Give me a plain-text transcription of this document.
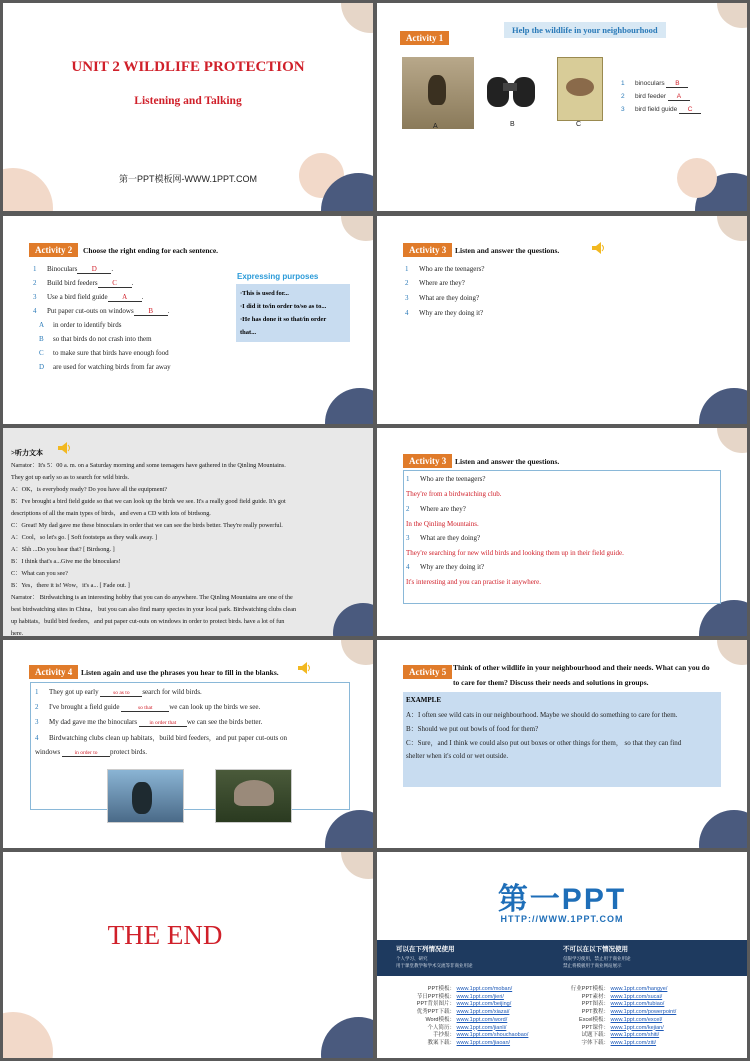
UNIT 2 WILDLIFE PROTECTION
Listening and Talking
第一PPT模板网-WWW.1PPT.COM
Activity 1
Help the wildlife in your neighbourhood
A	B	C
1 binoculars B
2 bird feeder A
3 bird field guide C
Activity 2	Choose the right ending for each sentence.
1 Binoculars D .
2 Build bird feeders C .
3 Use a bird field guide A .
4 Put paper cut-outs on windows B .
A in order to identify birds
B so that birds do not crash into them
C to make sure that birds have enough food
D are used for watching birds from far away
Expressing purposes
·This is used for...
·I did it to/in order to/so as to...
·He has done it so that/in order
that...
Activity 3	Listen and answer the questions.
1 Who are the teenagers?
2 Where are they?
3 What are they doing?
4 Why are they doing it?
>听力文本
Narrator：It's 5：00 a. m. on a Saturday morning and some teenagers have gathered in the Qinling Mountains.
They got up early so as to search for wild birds.
A：OK，is everybody ready? Do you have all the equipment?
B：I've brought a bird field guide so that we can look up the birds we see. It's a really good field guide. It's got
descriptions of all the main types of birds，and even a CD with lots of birdsong.
C：Great! My dad gave me these binoculars in order that we can see the birds better. They're really powerful.
A：Cool，so let's go. [ Soft footsteps as they walk away. ]
A：Shh ...Do you hear that? [ Birdsong. ]
B：I think that's a...Give me the binoculars!
C：What can you see?
B：Yes，there it is! Wow，it's a... [ Fade out. ]
Narrator： Birdwatching is an interesting hobby that you can do anywhere. The Qinling Mountains are one of the
best birdwatching sites in China， but you can also find many species in your local park. Birdwatching clubs clean
up habitats，build bird feeders，and put paper cut-outs on windows in order to protect birds. have a lot of fun
here.
Activity 3	Listen and answer the questions.
1 Who are the teenagers?
They're from a birdwatching club.
2 Where are they?
In the Qinling Mountains.
3 What are they doing?
They're searching for new wild birds and looking them up in their field guide.
4 Why are they doing it?
It's interesting and you can practise it anywhere.
Activity 4	Listen again and use the phrases you hear to fill in the blanks.
1 They got up early	so as to search for wild birds.
2 I've brought a field guide	so that we can look up the birds we see.
3 My dad gave me the binoculars in order that we can see the birds better.
4 Birdwatching clubs clean up habitats，build bird feeders，and put paper cut-outs on
windows	in order to protect birds.
Activity 5 Think of other wildlife in your neighbourhood and their needs. What can you do
to care for them? Discuss their needs and solutions in groups.
EXAMPLE
A：I often see wild cats in our neighbourhood. Maybe we should do something to care for them.
B：Should we put out bowls of food for them?
C：Sure，and I think we could also put out boxes or other things for them， so that they can find
shelter when it's cold or wet outside.
THE END
第一PPT
HTTP://WWW.1PPT.COM
可以在下列情况使用
个人学习、研究
用于课堂教学和学术交流等非商业用途
不可以在以下情况使用
仅限学习使用，禁止用于商业用途
禁止将模板用于商业网站展示
PPT模板： www.1ppt.com/moban/
节日PPT模板： www.1ppt.com/jieri/
PPT背景图片： www.1ppt.com/beijing/
优秀PPT下载： www.1ppt.com/xiazai/
Word模板： www.1ppt.com/word/
个人简历： www.1ppt.com/jianli/
手抄报： www.1ppt.com/shouchaobao/
教案下载： www.1ppt.com/jiaoan/
行业PPT模板： www.1ppt.com/hangye/
PPT素材： www.1ppt.com/sucai/
PPT图表： www.1ppt.com/tubiao/
PPT教程： www.1ppt.com/powerpoint/
Excel模板： www.1ppt.com/excel/
PPT课件： www.1ppt.com/kejian/
试题下载： www.1ppt.com/shiti/
字体下载： www.1ppt.com/ziti/
